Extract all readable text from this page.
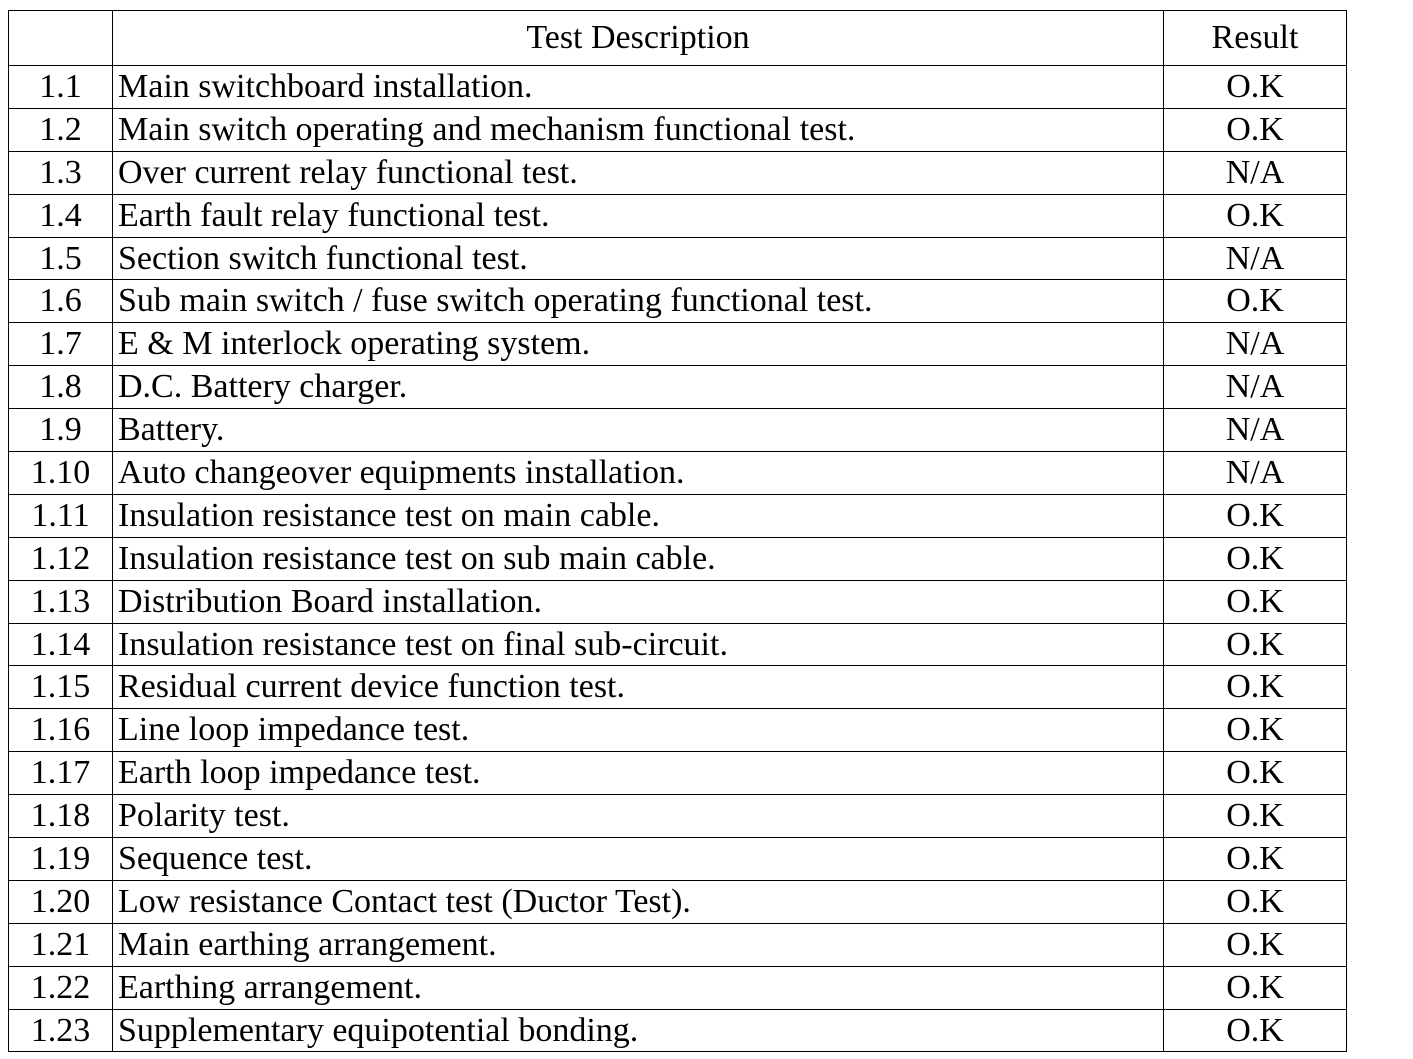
	Test Description	Result
1.1	Main switchboard installation.	O.K
1.2	Main switch operating and mechanism functional test.	O.K
1.3	Over current relay functional test.	N/A
1.4	Earth fault relay functional test.	O.K
1.5	Section switch functional test.	N/A
1.6	Sub main switch / fuse switch operating functional test.	O.K
1.7	E & M interlock operating system.	N/A
1.8	D.C. Battery charger.	N/A
1.9	Battery.	N/A
1.10	Auto changeover equipments installation.	N/A
1.11	Insulation resistance test on main cable.	O.K
1.12	Insulation resistance test on sub main cable.	O.K
1.13	Distribution Board installation.	O.K
1.14	Insulation resistance test on final sub-circuit.	O.K
1.15	Residual current device function test.	O.K
1.16	Line loop impedance test.	O.K
1.17	Earth loop impedance test.	O.K
1.18	Polarity test.	O.K
1.19	Sequence test.	O.K
1.20	Low resistance Contact test (Ductor Test).	O.K
1.21	Main earthing arrangement.	O.K
1.22	Earthing arrangement.	O.K
1.23	Supplementary equipotential bonding.	O.K
